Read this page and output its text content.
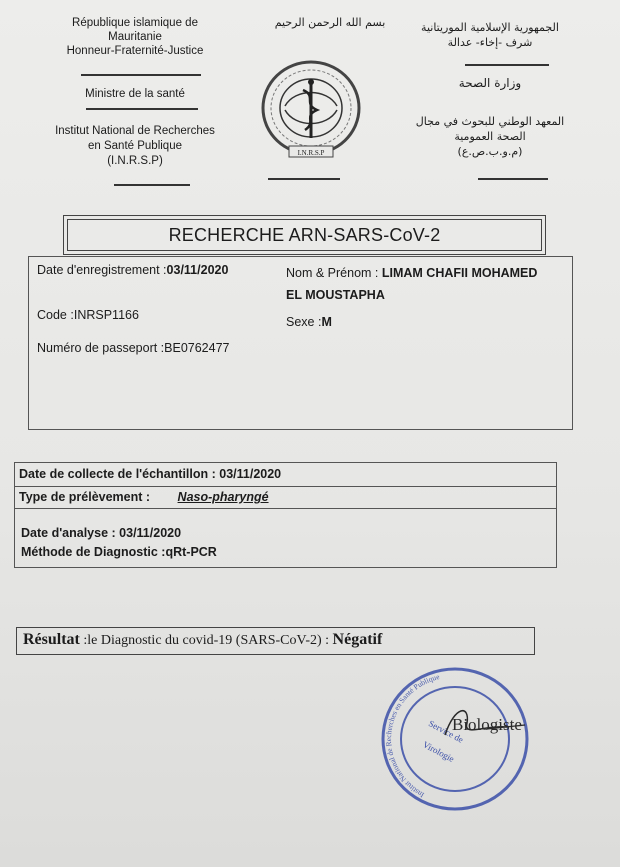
République islamique de
Mauritanie
Honneur-Fraternité-Justice
Ministre de la santé
Institut National de Recherches
en Santé Publique
(I.N.R.S.P)
بسم الله الرحمن الرحيم
I.N.R.S.P
الجمهورية الإسلامية الموريتانية
شرف -إخاء- عدالة
وزارة الصحة
المعهد الوطني للبحوث في مجال
الصحة العمومية
(م.و.ب.ص.ع)
RECHERCHE ARN-SARS-CoV-2
Date d'enregistrement :03/11/2020	Nom & Prénom : LIMAM CHAFII MOHAMED
EL MOUSTAPHA
Code :INRSP1166	Sexe :M
Numéro de passeport :BE0762477
Date de collecte de l'échantillon : 03/11/2020
Type de prélèvement : Naso-pharyngé
Date d'analyse : 03/11/2020
Méthode de Diagnostic :qRt-PCR
Résultat :le Diagnostic du covid-19 (SARS-CoV-2) : Négatif
Institut National de Recherches en Santé Publique
Service de
Virologie
Biologiste
